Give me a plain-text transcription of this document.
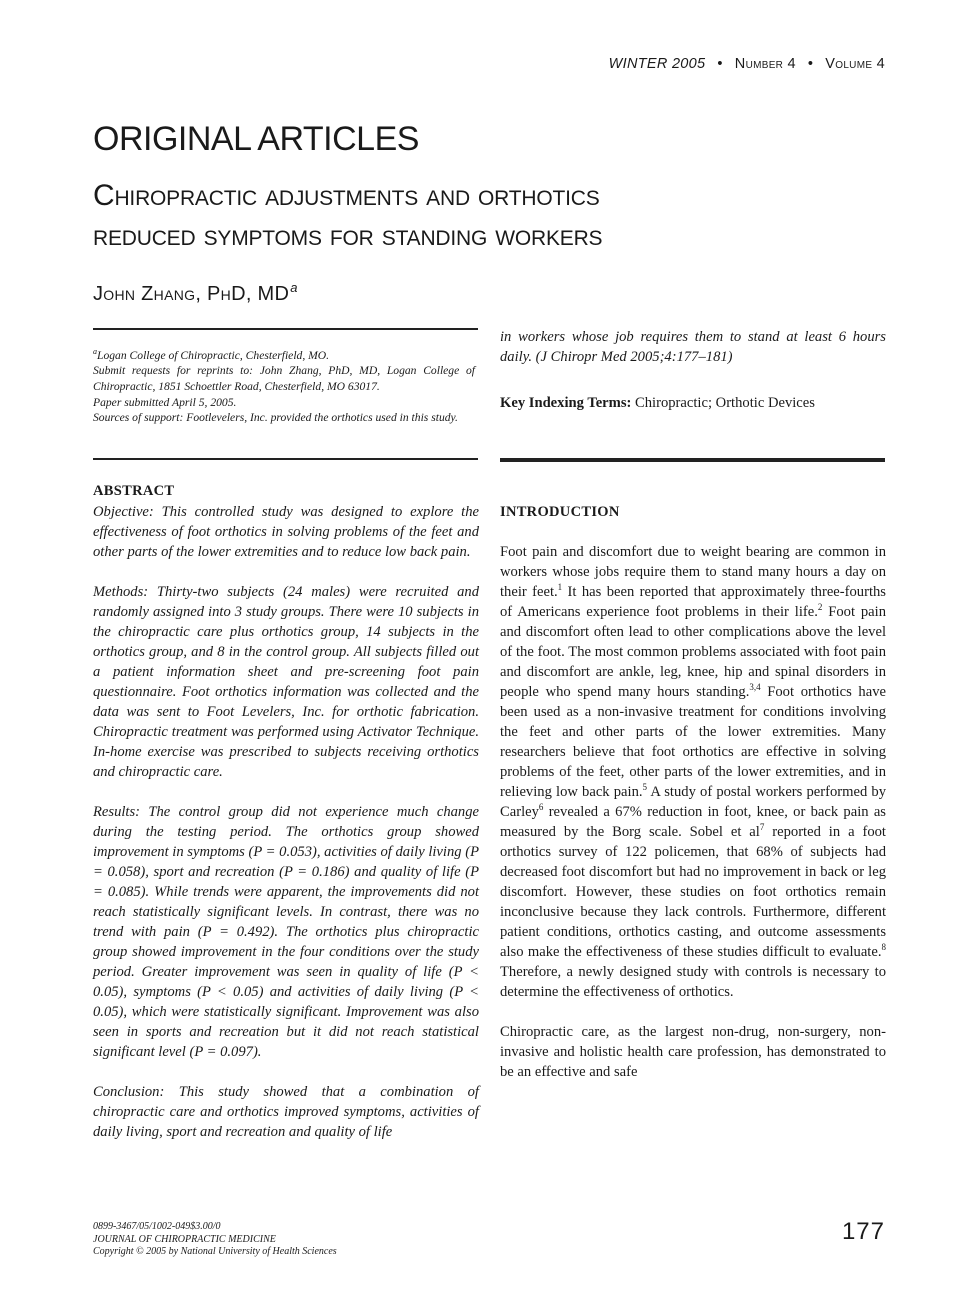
WINTER 2005 • Number 4 • Volume 4
ORIGINAL ARTICLES
Chiropractic adjustments and orthotics
reduced symptoms for standing workers
John Zhang, PhD, $MD^a$

$^a$Logan College of Chiropractic, Chesterfield, MO.

Submit requests for reprints to: John Zhang, PhD, MD, Logan College of Chiropractic, 1851 Schoettler Road, Chesterfield, MO 63017.

Paper submitted April 5, 2005.

Sources of support: Footlevelers, Inc. provided the orthotics used in this study.

ABSTRACT

Objective: This controlled study was designed to explore the effectiveness of foot orthotics in solving problems of the feet and other parts of the lower extremities and to reduce low back pain.

Methods: Thirty-two subjects (24 males) were recruited and randomly assigned into 3 study groups. There were 10 subjects in the chiropractic care plus orthotics group, 14 subjects in the orthotics group, and 8 in the control group. All subjects filled out a patient information sheet and pre-screening foot pain questionnaire. Foot orthotics information was collected and the data was sent to Foot Levelers, Inc. for orthotic fabrication. Chiropractic treatment was performed using Activator Technique. In-home exercise was prescribed to subjects receiving orthotics and chiropractic care.

Results: The control group did not experience much change during the testing period. The orthotics group showed improvement in symptoms (P = 0.053), activities of daily living (P = 0.058), sport and recreation (P = 0.186) and quality of life (P = 0.085). While trends were apparent, the improvements did not reach statistically significant levels. In contrast, there was no trend with pain (P = 0.492). The orthotics plus chiropractic group showed improvement in the four conditions over the study period. Greater improvement was seen in quality of life (P < 0.05), symptoms (P < 0.05) and activities of daily living (P < 0.05), which were statistically significant. Improvement was also seen in sports and recreation but it did not reach statistical significant level (P = 0.097).

Conclusion: This study showed that a combination of chiropractic care and orthotics improved symptoms, activities of daily living, sport and recreation and quality of life

in workers whose job requires them to stand at least 6 hours daily. (J Chiropr Med 2005;4:177–181)

Key Indexing Terms: Chiropractic; Orthotic Devices

INTRODUCTION

Foot pain and discomfort due to weight bearing are common in workers whose jobs require them to stand many hours a day on their feet.$^1$ It has been reported that approximately three-fourths of Americans experience foot problems in their life.$^2$ Foot pain and discomfort often lead to other complications above the level of the foot. The most common problems associated with foot pain and discomfort are ankle, leg, knee, hip and spinal disorders in people who spend many hours standing.$^{3,4}$ Foot orthotics have been used as a non-invasive treatment for conditions involving the feet and other parts of the lower extremities. Many researchers believe that foot orthotics are effective in solving problems of the feet, other parts of the lower extremities, and in relieving low back pain.$^5$ A study of postal workers performed by Carley$^6$ revealed a 67% reduction in foot, knee, or back pain as measured by the Borg scale. Sobel et $al^7$ reported in a foot orthotics survey of 122 policemen, that 68% of subjects had decreased foot discomfort but had no improvement in back or leg discomfort. However, these studies on foot orthotics remain inconclusive because they lack controls. Furthermore, different patient conditions, orthotics casting, and outcome assessments also make the effectiveness of these studies difficult to evaluate.$^8$ Therefore, a newly designed study with controls is necessary to determine the effectiveness of orthotics.

Chiropractic care, as the largest non-drug, non-surgery, non-invasive and holistic health care profession, has demonstrated to be an effective and safe

0899-3467/05/1002-049$3.00/0
JOURNAL OF CHIROPRACTIC MEDICINE
Copyright © 2005 by National University of Health Sciences
177
